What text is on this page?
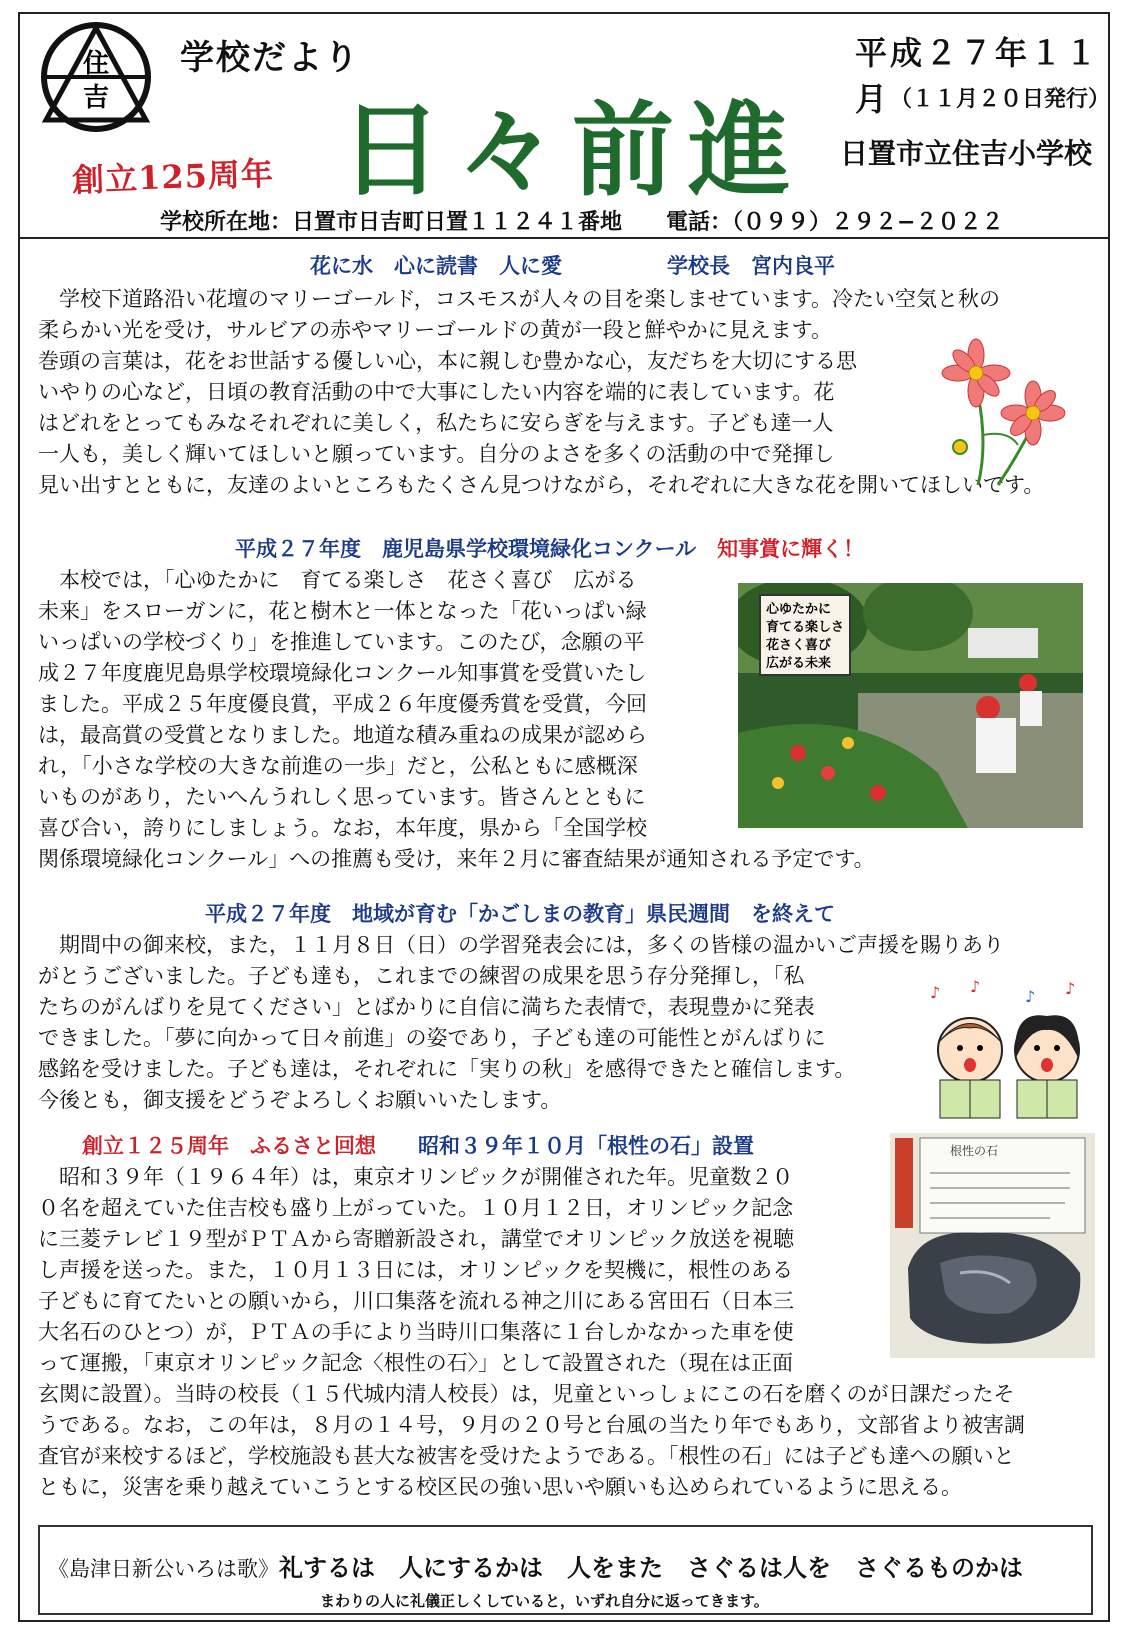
住
吉
学校だより	平成２７年１１月 （１１月２０日発行）
日置市立住吉小学校
創立125周年 日々前進
学校所在地：日置市日吉町日置１１２４１番地　　 電話：（０９９）２９２−２０２２
花に水　心に読書　人に愛　　　　　	学校長　宮内良平

　学校下道路沿い花壇のマリーゴールド，コスモスが人々の目を楽しませています。冷たい空気と秋の

柔らかい光を受け，サルビアの赤やマリーゴールドの黄が一段と鮮やかに見えます。

巻頭の言葉は，花をお世話する優しい心，本に親しむ豊かな心，友だちを大切にする思

いやりの心など，日頃の教育活動の中で大事にしたい内容を端的に表しています。花

はどれをとってもみなそれぞれに美しく，私たちに安らぎを与えます。子ども達一人

一人も，美しく輝いてほしいと願っています。自分のよさを多くの活動の中で発揮し

見い出すとともに，友達のよいところもたくさん見つけながら，それぞれに大きな花を開いてほしいです。

平成２７年度　鹿児島県学校環境緑化コンクール　知事賞に輝く！

　本校では，「心ゆたかに　育てる楽しさ　花さく喜び　広がる

未来」をスローガンに，花と樹木と一体となった「花いっぱい緑

いっぱいの学校づくり」を推進しています。このたび，念願の平

成２７年度鹿児島県学校環境緑化コンクール知事賞を受賞いたし

ました。平成２５年度優良賞，平成２６年度優秀賞を受賞，今回

は，最高賞の受賞となりました。地道な積み重ねの成果が認めら

れ，「小さな学校の大きな前進の一歩」だと，公私ともに感概深

いものがあり，たいへんうれしく思っています。皆さんとともに

喜び合い，誇りにしましょう。なお，本年度，県から「全国学校

関係環境緑化コンクール」への推薦も受け，来年２月に審査結果が通知される予定です。

心ゆたかに
育てる楽しさ
花さく喜び
広がる未来
平成２７年度　地域が育む「かごしまの教育」県民週間　を終えて

　期間中の御来校，また，１１月８日（日）の学習発表会には，多くの皆様の温かいご声援を賜りあり

がとうございました。子ども達も，これまでの練習の成果を思う存分発揮し，「私

たちのがんばりを見てください」とばかりに自信に満ちた表情で，表現豊かに発表

できました。「夢に向かって日々前進」の姿であり，子ども達の可能性とがんばりに

感銘を受けました。子ども達は，それぞれに「実りの秋」を感得できたと確信します。

今後とも，御支援をどうぞよろしくお願いいたします。

♪ ♪
♪ ♪
創立１２５周年　ふるさと回想　　 昭和３９年１０月「根性の石」設置

　昭和３９年（１９６４年）は，東京オリンピックが開催された年。児童数２０

０名を超えていた住吉校も盛り上がっていた。１０月１２日，オリンピック記念

に三菱テレビ１９型がＰＴＡから寄贈新設され，講堂でオリンピック放送を視聴

し声援を送った。また，１０月１３日には，オリンピックを契機に，根性のある

子どもに育てたいとの願いから，川口集落を流れる神之川にある宮田石（日本三

大名石のひとつ）が，ＰＴＡの手により当時川口集落に１台しかなかった車を使

って運搬，「東京オリンピック記念〈根性の石〉」として設置された（現在は正面

玄関に設置）。当時の校長（１５代城内清人校長）は，児童といっしょにこの石を磨くのが日課だったそ

うである。なお，この年は，８月の１４号，９月の２０号と台風の当たり年でもあり，文部省より被害調

査官が来校するほど，学校施設も甚大な被害を受けたようである。「根性の石」には子ども達への願いと

ともに，災害を乗り越えていこうとする校区民の強い思いや願いも込められているように思える。

根性の石
《島津日新公いろは歌》礼するは　人にするかは　人をまた　さぐるは人を　さぐるものかは
まわりの人に礼儀正しくしていると，いずれ自分に返ってきます。
